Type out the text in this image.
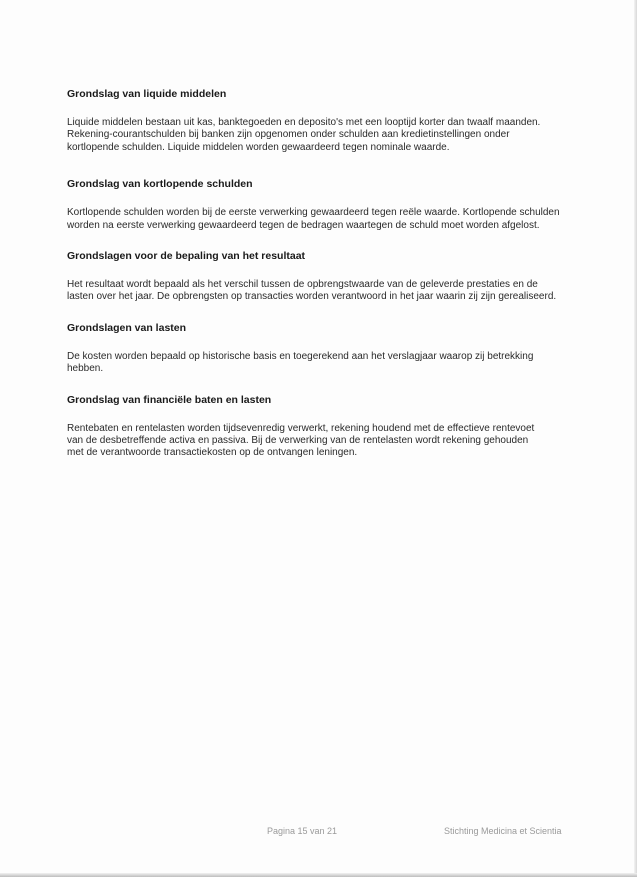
Grondslag van liquide middelen

Liquide middelen bestaan uit kas, banktegoeden en deposito's met een looptijd korter dan twaalf maanden. Rekening-courantschulden bij banken zijn opgenomen onder schulden aan kredietinstellingen onder kortlopende schulden. Liquide middelen worden gewaardeerd tegen nominale waarde.

Grondslag van kortlopende schulden

Kortlopende schulden worden bij de eerste verwerking gewaardeerd tegen reële waarde. Kortlopende schulden worden na eerste verwerking gewaardeerd tegen de bedragen waartegen de schuld moet worden afgelost.

Grondslagen voor de bepaling van het resultaat

Het resultaat wordt bepaald als het verschil tussen de opbrengstwaarde van de geleverde prestaties en de lasten over het jaar. De opbrengsten op transacties worden verantwoord in het jaar waarin zij zijn gerealiseerd.

Grondslagen van lasten

De kosten worden bepaald op historische basis en toegerekend aan het verslagjaar waarop zij betrekking hebben.

Grondslag van financiële baten en lasten

Rentebaten en rentelasten worden tijdsevenredig verwerkt, rekening houdend met de effectieve rentevoet van de desbetreffende activa en passiva. Bij de verwerking van de rentelasten wordt rekening gehouden met de verantwoorde transactiekosten op de ontvangen leningen.

Pagina 15 van 21	Stichting Medicina et Scientia
